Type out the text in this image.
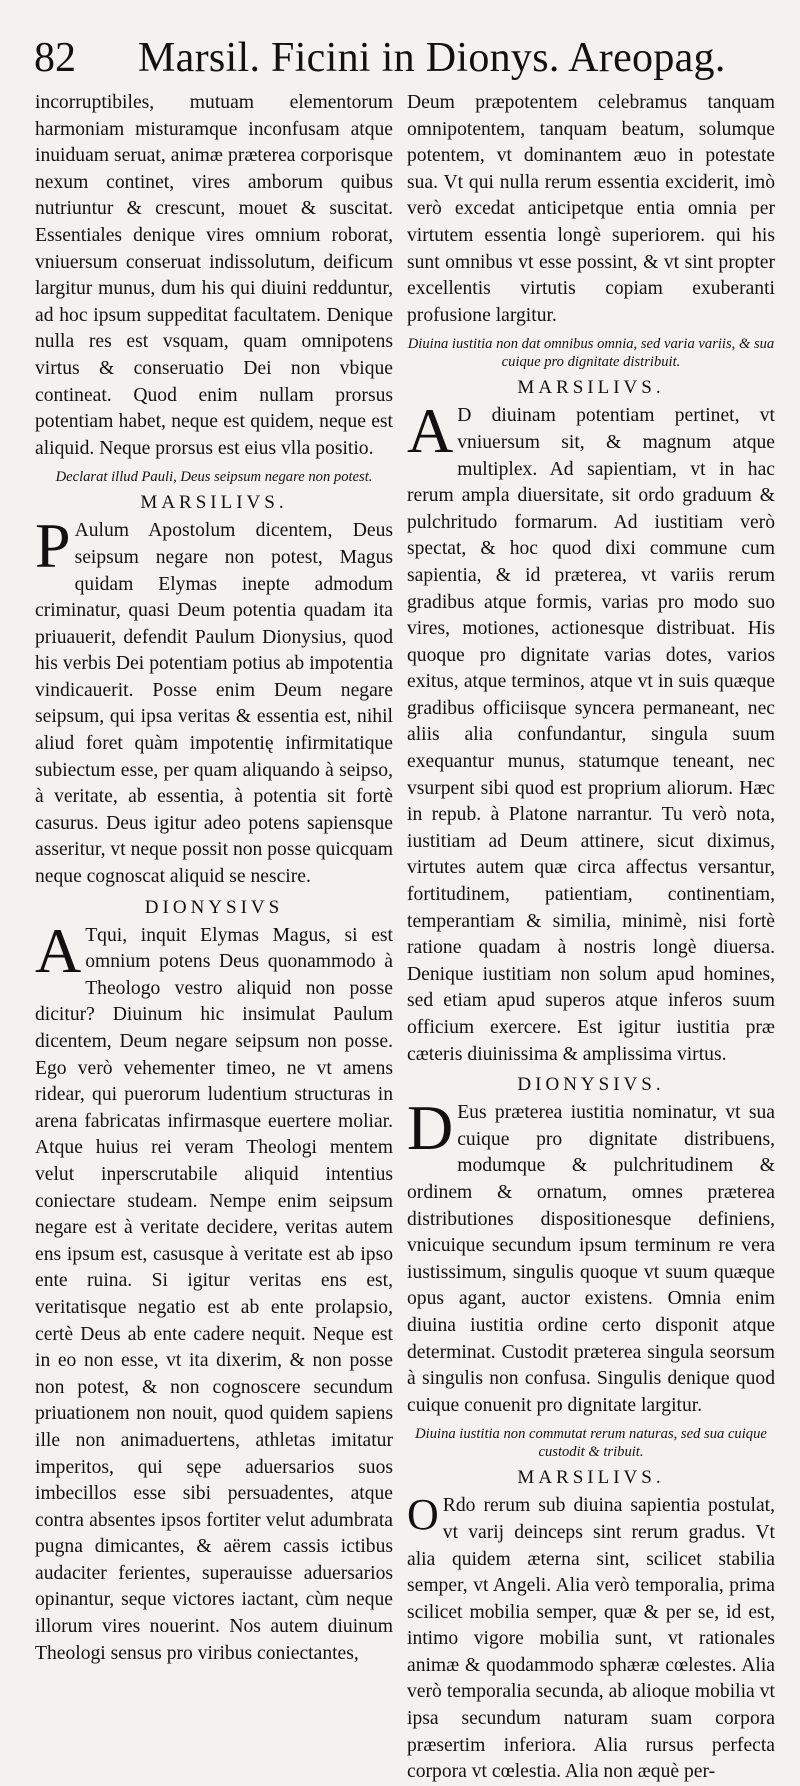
82 Marsil. Ficini in Dionys. Areopag.

incorruptibiles, mutuam elementorum harmoniam misturamque inconfusam atque inuiduam seruat, animæ præterea corporisque nexum continet, vires amborum quibus nutriuntur & crescunt, mouet & suscitat. Essentiales denique vires omnium roborat, vniuersum conseruat indissolutum, deificum largitur munus, dum his qui diuini redduntur, ad hoc ipsum suppeditat facultatem. Denique nulla res est vsquam, quam omnipotens virtus & conseruatio Dei non vbique contineat. Quod enim nullam prorsus potentiam habet, neque est quidem, neque est aliquid. Neque prorsus est eius vlla positio.

Declarat illud Pauli, Deus seipsum negare non potest.
MARSILIVS.

P Aulum Apostolum dicentem, Deus seipsum negare non potest, Magus quidam Elymas inepte admodum criminatur, quasi Deum potentia quadam ita priuauerit, defendit Paulum Dionysius, quod his verbis Dei potentiam potius ab impotentia vindicauerit. Posse enim Deum negare seipsum, qui ipsa veritas & essentia est, nihil aliud foret quàm impotentię infirmitatique subiectum esse, per quam aliquando à seipso, à veritate, ab essentia, à potentia sit fortè casurus. Deus igitur adeo potens sapiensque asseritur, vt neque possit non posse quicquam neque cognoscat aliquid se nescire.

DIONYSIVS

A Tqui, inquit Elymas Magus, si est omnium potens Deus quonammodo à Theologo vestro aliquid non posse dicitur? Diuinum hic insimulat Paulum dicentem, Deum negare seipsum non posse. Ego verò vehementer timeo, ne vt amens ridear, qui puerorum ludentium structuras in arena fabricatas infirmasque euertere moliar. Atque huius rei veram Theologi mentem velut inperscrutabile aliquid intentius coniectare studeam. Nempe enim seipsum negare est à veritate decidere, veritas autem ens ipsum est, casusque à veritate est ab ipso ente ruina. Si igitur veritas ens est, veritatisque negatio est ab ente prolapsio, certè Deus ab ente cadere nequit. Neque est in eo non esse, vt ita dixerim, & non posse non potest, & non cognoscere secundum priuationem non nouit, quod quidem sapiens ille non animaduertens, athletas imitatur imperitos, qui sępe aduersarios suos imbecillos esse sibi persuadentes, atque contra absentes ipsos fortiter velut adumbrata pugna dimicantes, & aërem cassis ictibus audaciter ferientes, superauisse aduersarios opinantur, seque victores iactant, cùm neque illorum vires nouerint. Nos autem diuinum Theologi sensus pro viribus coniectantes,

Deum præpotentem celebramus tanquam omnipotentem, tanquam beatum, solumque potentem, vt dominantem æuo in potestate sua. Vt qui nulla rerum essentia exciderit, imò verò excedat anticipetque entia omnia per virtutem essentia longè superiorem. qui his sunt omnibus vt esse possint, & vt sint propter excellentis virtutis copiam exuberanti profusione largitur.

Diuina iustitia non dat omnibus omnia, sed varia variis, & sua cuique pro dignitate distribuit.
MARSILIVS.

A D diuinam potentiam pertinet, vt vniuersum sit, & magnum atque multiplex. Ad sapientiam, vt in hac rerum ampla diuersitate, sit ordo graduum & pulchritudo formarum. Ad iustitiam verò spectat, & hoc quod dixi commune cum sapientia, & id præterea, vt variis rerum gradibus atque formis, varias pro modo suo vires, motiones, actionesque distribuat. His quoque pro dignitate varias dotes, varios exitus, atque terminos, atque vt in suis quæque gradibus officiisque syncera permaneant, nec aliis alia confundantur, singula suum exequantur munus, statumque teneant, nec vsurpent sibi quod est proprium aliorum. Hæc in repub. à Platone narrantur. Tu verò nota, iustitiam ad Deum attinere, sicut diximus, virtutes autem quæ circa affectus versantur, fortitudinem, patientiam, continentiam, temperantiam & similia, minimè, nisi fortè ratione quadam à nostris longè diuersa. Denique iustitiam non solum apud homines, sed etiam apud superos atque inferos suum officium exercere. Est igitur iustitia præ cæteris diuinissima & amplissima virtus.

DIONYSIVS.

D Eus præterea iustitia nominatur, vt sua cuique pro dignitate distribuens, modumque & pulchritudinem & ordinem & ornatum, omnes præterea distributiones dispositionesque definiens, vnicuique secundum ipsum terminum re vera iustissimum, singulis quoque vt suum quæque opus agant, auctor existens. Omnia enim diuina iustitia ordine certo disponit atque determinat. Custodit præterea singula seorsum à singulis non confusa. Singulis denique quod cuique conuenit pro dignitate largitur.

Diuina iustitia non commutat rerum naturas, sed sua cuique custodit & tribuit.
MARSILIVS.

O Rdo rerum sub diuina sapientia postulat, vt varij deinceps sint rerum gradus. Vt alia quidem æterna sint, scilicet stabilia semper, vt Angeli. Alia verò temporalia, prima scilicet mobilia semper, quæ & per se, id est, intimo vigore mobilia sunt, vt rationales animæ & quodammodo sphæræ cœlestes. Alia verò temporalia secunda, ab alioque mobilia vt ipsa secundum naturam suam corpora præsertim inferiora. Alia rursus perfecta corpora vt cœlestia. Alia non æquè per-
